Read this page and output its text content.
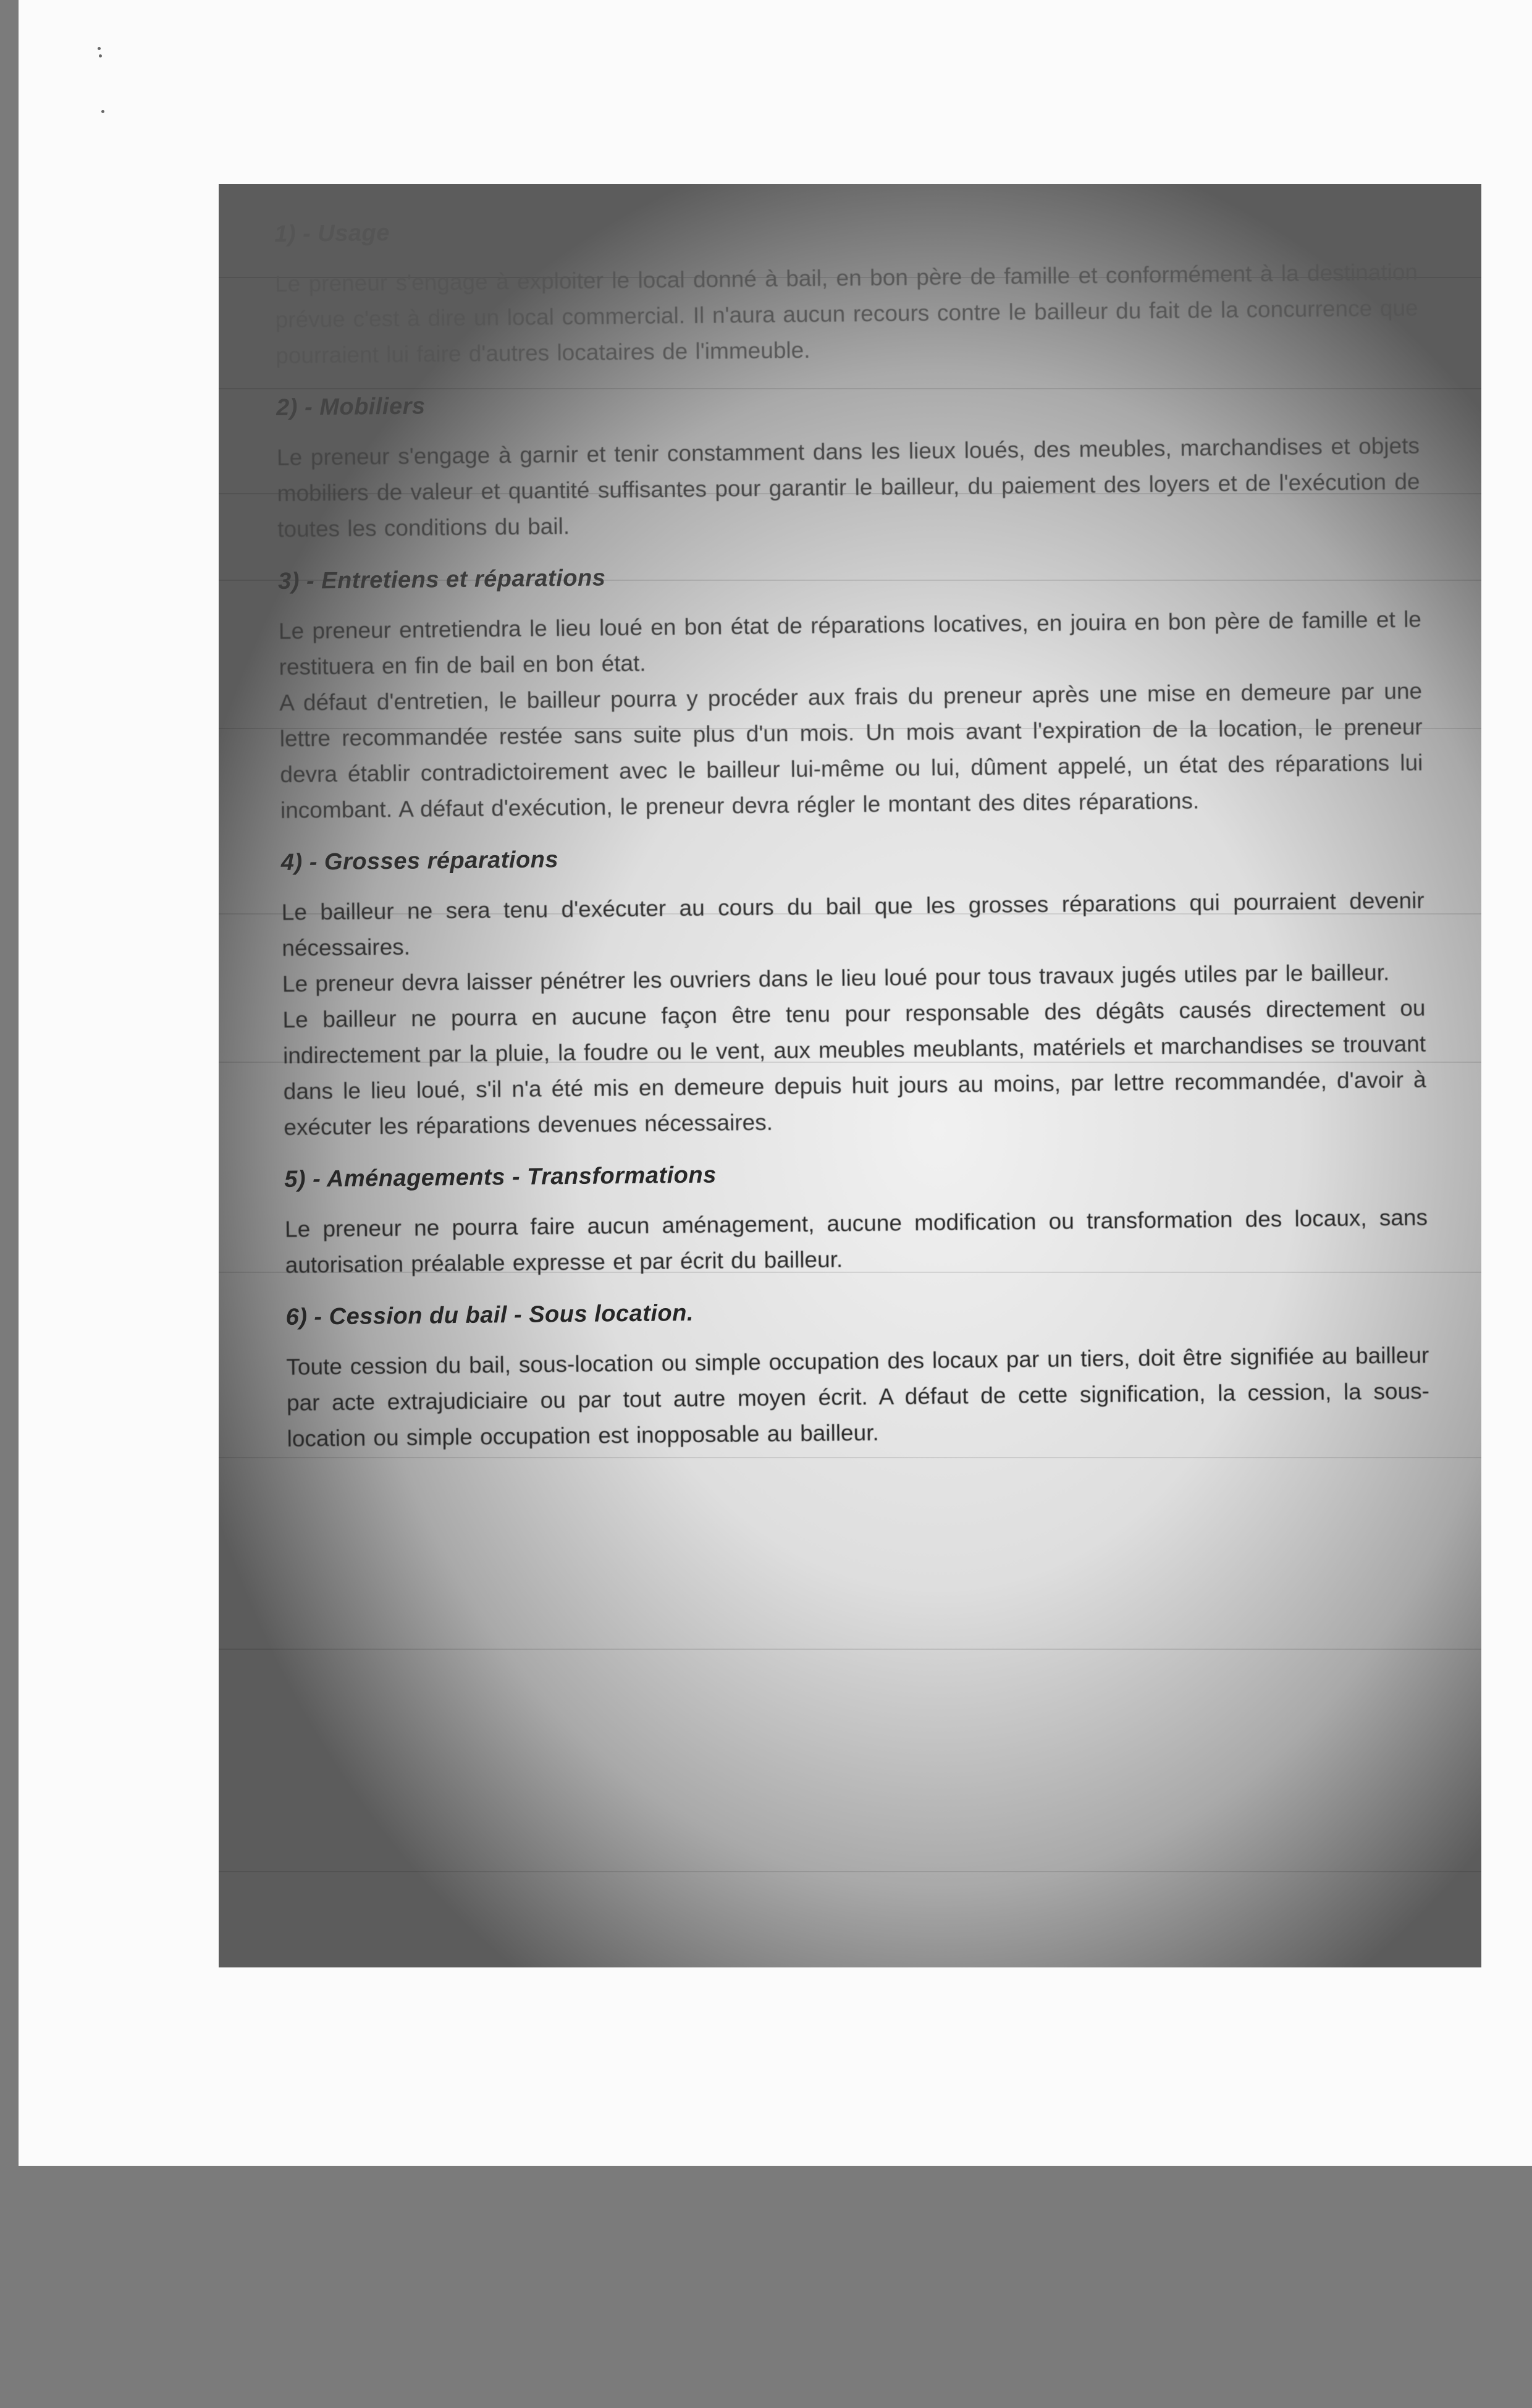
1) - Usage

Le preneur s'engage à exploiter le local donné à bail, en bon père de famille et conformément à la destination prévue c'est à dire un local commercial. Il n'aura aucun recours contre le bailleur du fait de la concurrence que pourraient lui faire d'autres locataires de l'immeuble.

2) - Mobiliers

Le preneur s'engage à garnir et tenir constamment dans les lieux loués, des meubles, marchandises et objets mobiliers de valeur et quantité suffisantes pour garantir le bailleur, du paiement des loyers et de l'exécution de toutes les conditions du bail.

3) - Entretiens et réparations

Le preneur entretiendra le lieu loué en bon état de réparations locatives, en jouira en bon père de famille et le restituera en fin de bail en bon état.

A défaut d'entretien, le bailleur pourra y procéder aux frais du preneur après une mise en demeure par une lettre recommandée restée sans suite plus d'un mois. Un mois avant l'expiration de la location, le preneur devra établir contradictoirement avec le bailleur lui-même ou lui, dûment appelé, un état des réparations lui incombant. A défaut d'exécution, le preneur devra régler le montant des dites réparations.

4) - Grosses réparations

Le bailleur ne sera tenu d'exécuter au cours du bail que les grosses réparations qui pourraient devenir nécessaires.

Le preneur devra laisser pénétrer les ouvriers dans le lieu loué pour tous travaux jugés utiles par le bailleur.

Le bailleur ne pourra en aucune façon être tenu pour responsable des dégâts causés directement ou indirectement par la pluie, la foudre ou le vent, aux meubles meublants, matériels et marchandises se trouvant dans le lieu loué, s'il n'a été mis en demeure depuis huit jours au moins, par lettre recommandée, d'avoir à exécuter les réparations devenues nécessaires.

5) - Aménagements - Transformations

Le preneur ne pourra faire aucun aménagement, aucune modification ou transformation des locaux, sans autorisation préalable expresse et par écrit du bailleur.

6) - Cession du bail - Sous location.

Toute cession du bail, sous-location ou simple occupation des locaux par un tiers, doit être signifiée au bailleur par acte extrajudiciaire ou par tout autre moyen écrit. A défaut de cette signification, la cession, la sous-location ou simple occupation est inopposable au bailleur.
